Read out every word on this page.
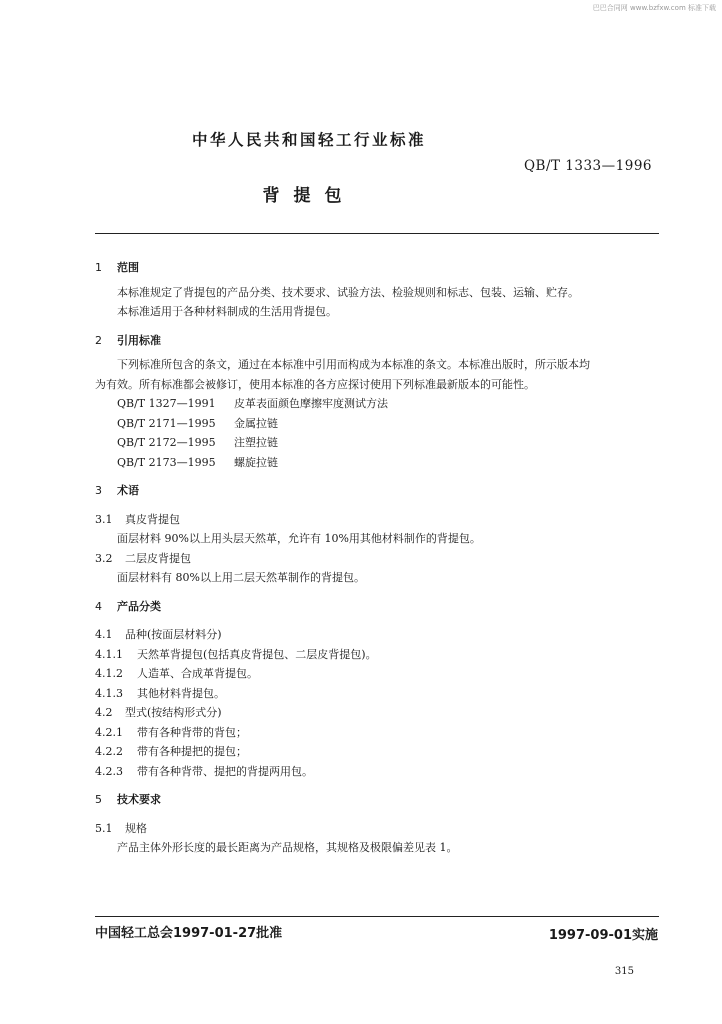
巴巴合同网 www.bzfxw.com 标准下载
中华人民共和国轻工行业标准
QB/T 1333—1996
背提包

1 范围

本标准规定了背提包的产品分类、技术要求、试验方法、检验规则和标志、包装、运输、贮存。

本标准适用于各种材料制成的生活用背提包。

2 引用标准

下列标准所包含的条文，通过在本标准中引用而构成为本标准的条文。本标准出版时，所示版本均

为有效。所有标准都会被修订，使用本标准的各方应探讨使用下列标准最新版本的可能性。

QB/T 1327—1991 皮革表面颜色摩擦牢度测试方法

QB/T 2171—1995 金属拉链

QB/T 2172—1995 注塑拉链

QB/T 2173—1995 螺旋拉链

3 术语

3.1 真皮背提包

面层材料 90%以上用头层天然革，允许有 10%用其他材料制作的背提包。

3.2 二层皮背提包

面层材料有 80%以上用二层天然革制作的背提包。

4 产品分类

4.1 品种(按面层材料分)

4.1.1 天然革背提包(包括真皮背提包、二层皮背提包)。

4.1.2 人造革、合成革背提包。

4.1.3 其他材料背提包。

4.2 型式(按结构形式分)

4.2.1 带有各种背带的背包；

4.2.2 带有各种提把的提包；

4.2.3 带有各种背带、提把的背提两用包。

5 技术要求

5.1 规格

产品主体外形长度的最长距离为产品规格，其规格及极限偏差见表 1。

中国轻工总会1997-01-27批准	1997-09-01实施
315
